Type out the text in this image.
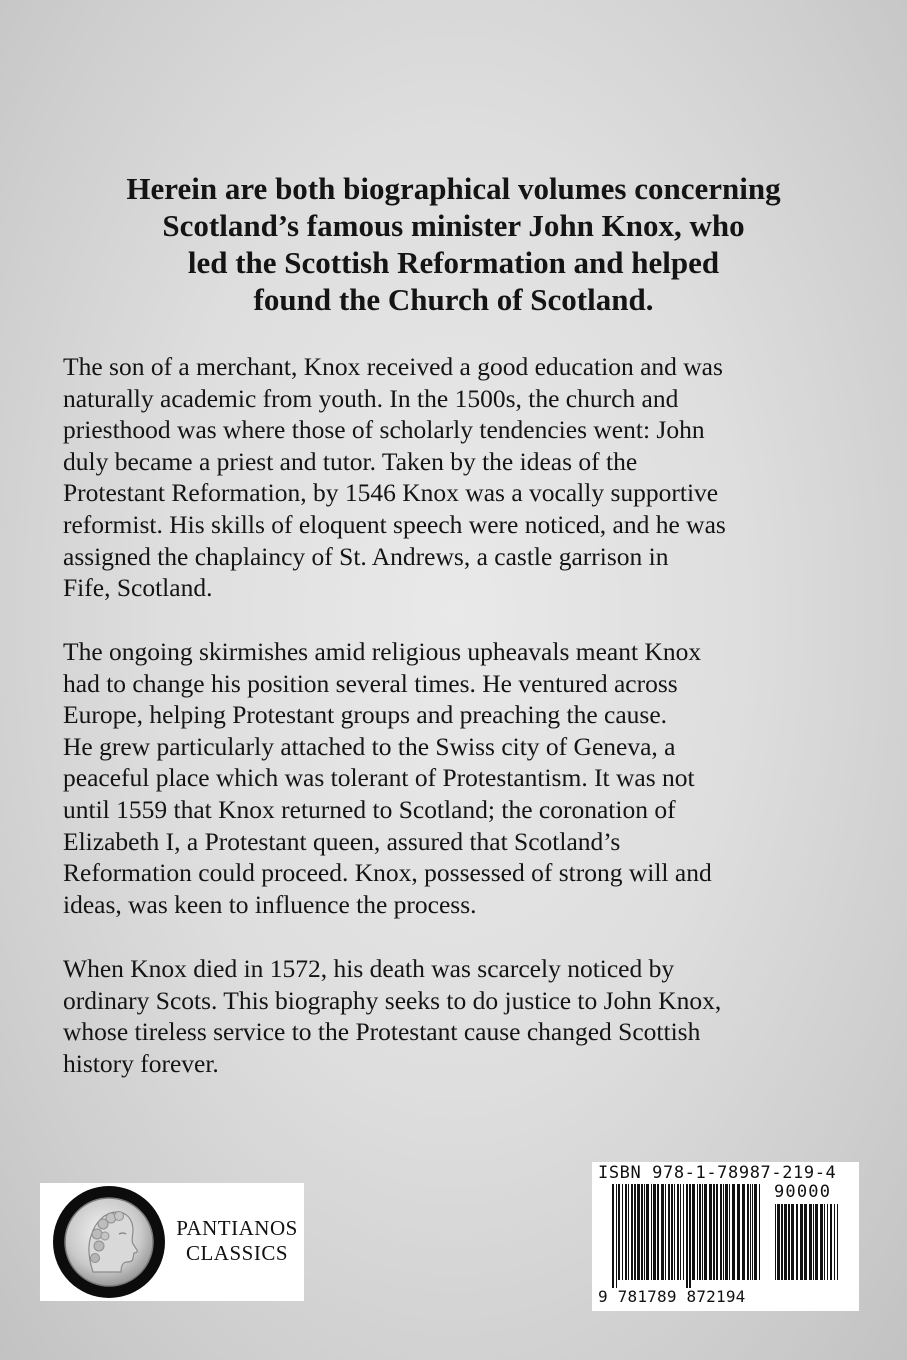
Herein are both biographical volumes concerning
Scotland’s famous minister John Knox, who
led the Scottish Reformation and helped
found the Church of Scotland.
The son of a merchant, Knox received a good education and was
naturally academic from youth. In the 1500s, the church and
priesthood was where those of scholarly tendencies went: John
duly became a priest and tutor. Taken by the ideas of the
Protestant Reformation, by 1546 Knox was a vocally supportive
reformist. His skills of eloquent speech were noticed, and he was
assigned the chaplaincy of St. Andrews, a castle garrison in
Fife, Scotland.
The ongoing skirmishes amid religious upheavals meant Knox
had to change his position several times. He ventured across
Europe, helping Protestant groups and preaching the cause.
He grew particularly attached to the Swiss city of Geneva, a
peaceful place which was tolerant of Protestantism. It was not
until 1559 that Knox returned to Scotland; the coronation of
Elizabeth I, a Protestant queen, assured that Scotland’s
Reformation could proceed. Knox, possessed of strong will and
ideas, was keen to influence the process.
When Knox died in 1572, his death was scarcely noticed by
ordinary Scots. This biography seeks to do justice to John Knox,
whose tireless service to the Protestant cause changed Scottish
history forever.
PANTIANOS
CLASSICS
ISBN 978-1-78987-219-4
90000
9 781789 872194
